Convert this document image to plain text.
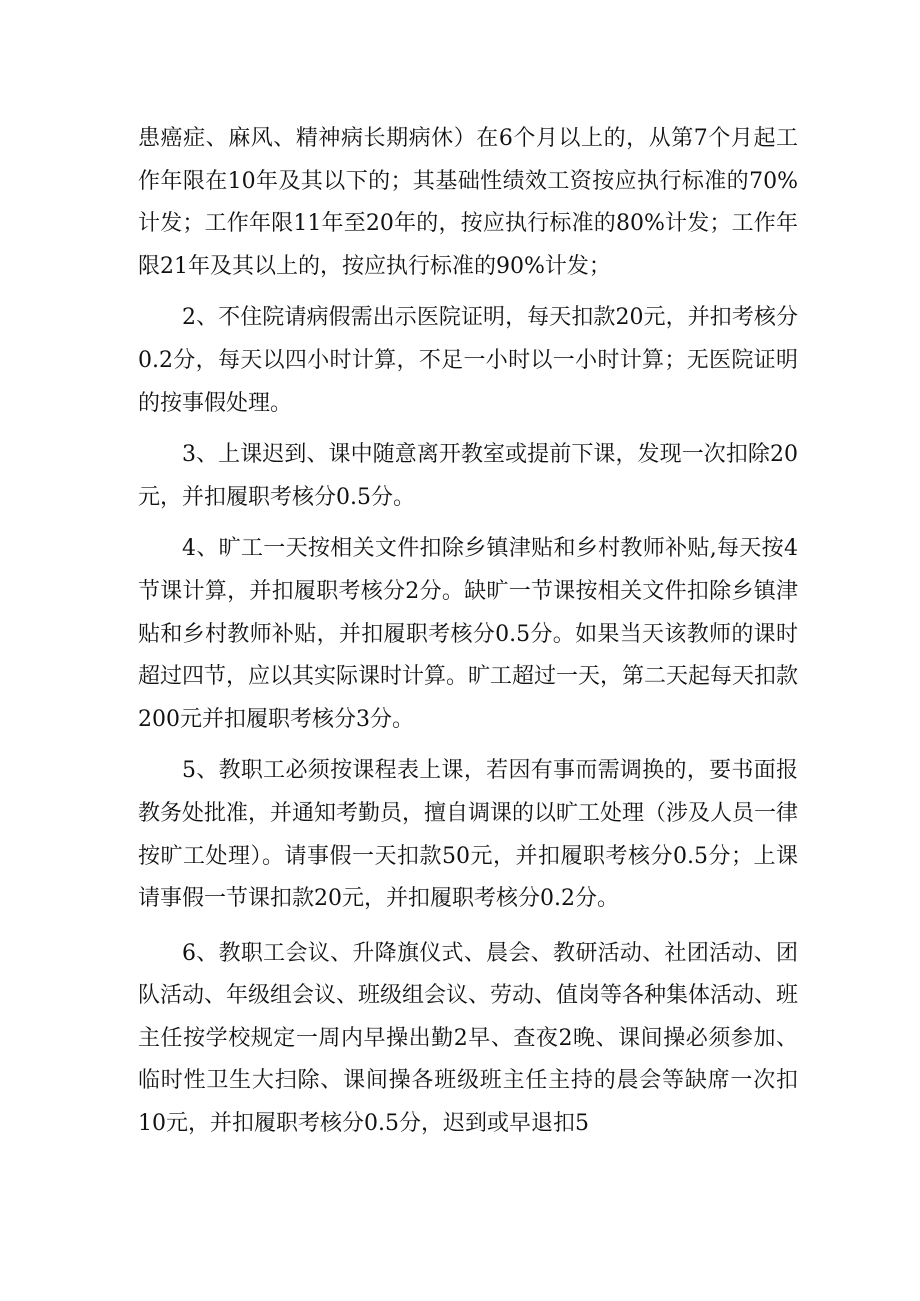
患癌症、麻风、精神病长期病休）在6个月以上的，从第7个月起工作年限在10年及其以下的；其基础性绩效工资按应执行标准的70%计发；工作年限11年至20年的，按应执行标准的80%计发；工作年限21年及其以上的，按应执行标准的90%计发；

2、不住院请病假需出示医院证明，每天扣款20元，并扣考核分0.2分，每天以四小时计算，不足一小时以一小时计算；无医院证明的按事假处理。

3、上课迟到、课中随意离开教室或提前下课，发现一次扣除20元，并扣履职考核分0.5分。

4、旷工一天按相关文件扣除乡镇津贴和乡村教师补贴,每天按4节课计算，并扣履职考核分2分。缺旷一节课按相关文件扣除乡镇津贴和乡村教师补贴，并扣履职考核分0.5分。如果当天该教师的课时超过四节，应以其实际课时计算。旷工超过一天，第二天起每天扣款200元并扣履职考核分3分。

5、教职工必须按课程表上课，若因有事而需调换的，要书面报教务处批准，并通知考勤员，擅自调课的以旷工处理（涉及人员一律按旷工处理）。请事假一天扣款50元，并扣履职考核分0.5分；上课请事假一节课扣款20元，并扣履职考核分0.2分。

6、教职工会议、升降旗仪式、晨会、教研活动、社团活动、团队活动、年级组会议、班级组会议、劳动、值岗等各种集体活动、班主任按学校规定一周内早操出勤2早、查夜2晚、课间操必须参加、临时性卫生大扫除、课间操各班级班主任主持的晨会等缺席一次扣10元，并扣履职考核分0.5分，迟到或早退扣5
